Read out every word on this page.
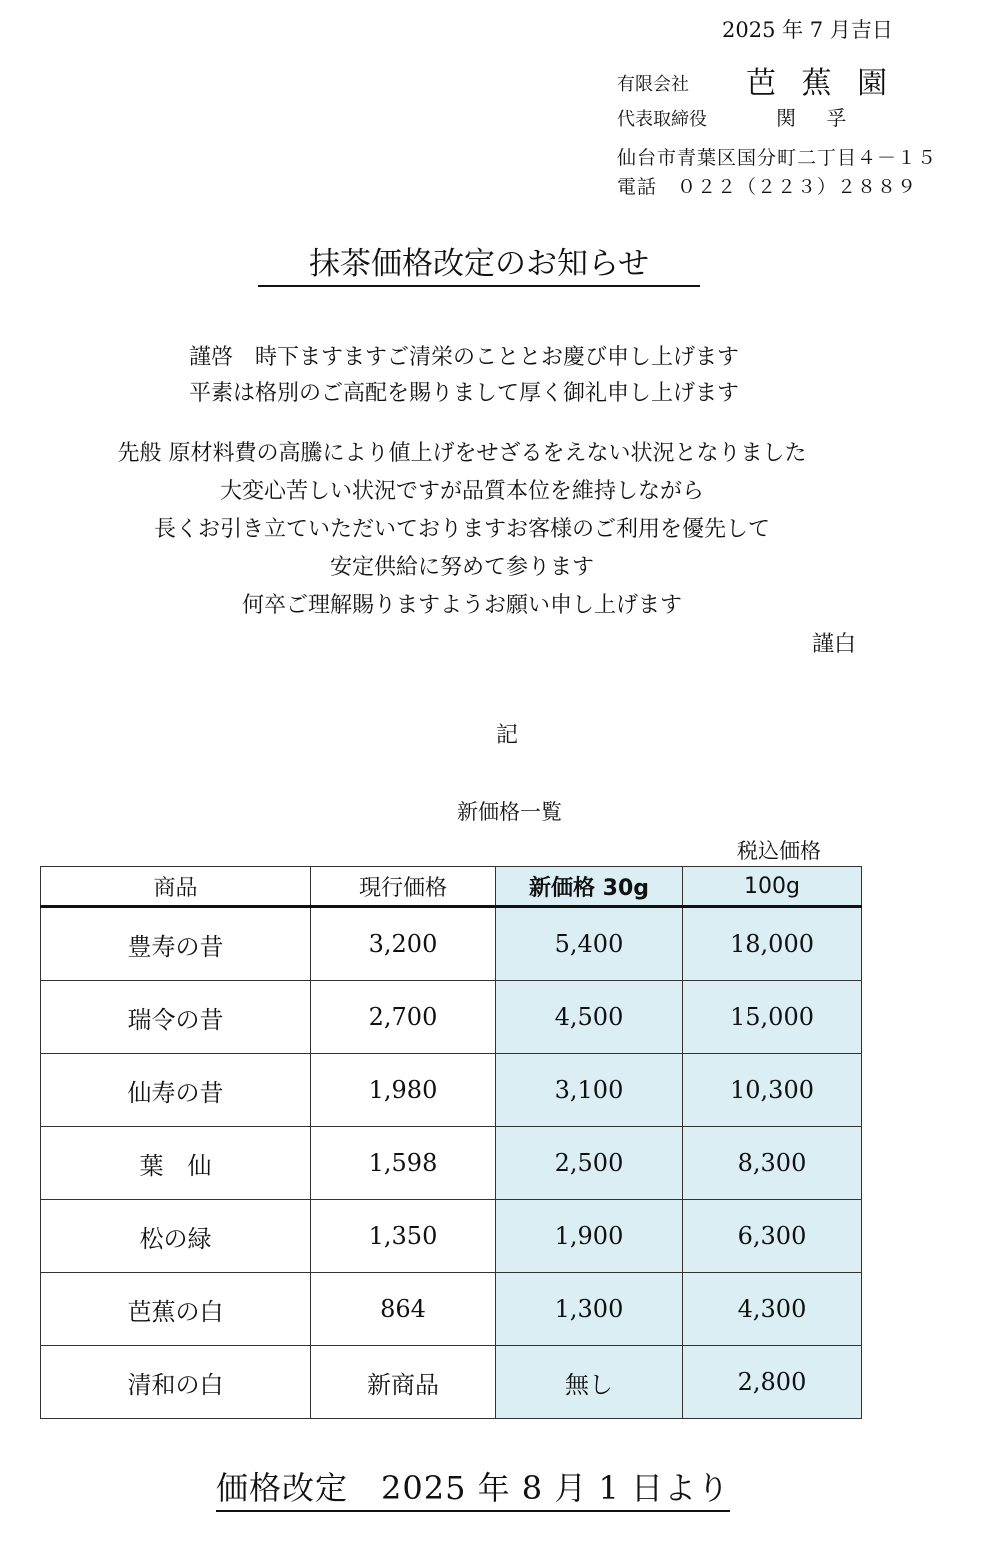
2025 年 7 月吉日
有限会社 芭 蕉 園
代表取締役	関 孚
仙台市青葉区国分町二丁目４－１５
電話　０２２（２２３）２８８９
抹茶価格改定のお知らせ
謹啓　時下ますますご清栄のこととお慶び申し上げます
平素は格別のご高配を賜りまして厚く御礼申し上げます
先般 原材料費の高騰により値上げをせざるをえない状況となりました
大変心苦しい状況ですが品質本位を維持しながら
長くお引き立ていただいておりますお客様のご利用を優先して
安定供給に努めて参ります
何卒ご理解賜りますようお願い申し上げます
謹白
記
新価格一覧
税込価格
商品	現行価格	新価格 30g	100g
豊寿の昔	3,200	5,400	18,000
瑞令の昔	2,700	4,500	15,000
仙寿の昔	1,980	3,100	10,300
葉　仙	1,598	2,500	8,300
松の緑	1,350	1,900	6,300
芭蕉の白	864	1,300	4,300
清和の白	新商品	無し	2,800
価格改定　2025 年 8 月 1 日より
